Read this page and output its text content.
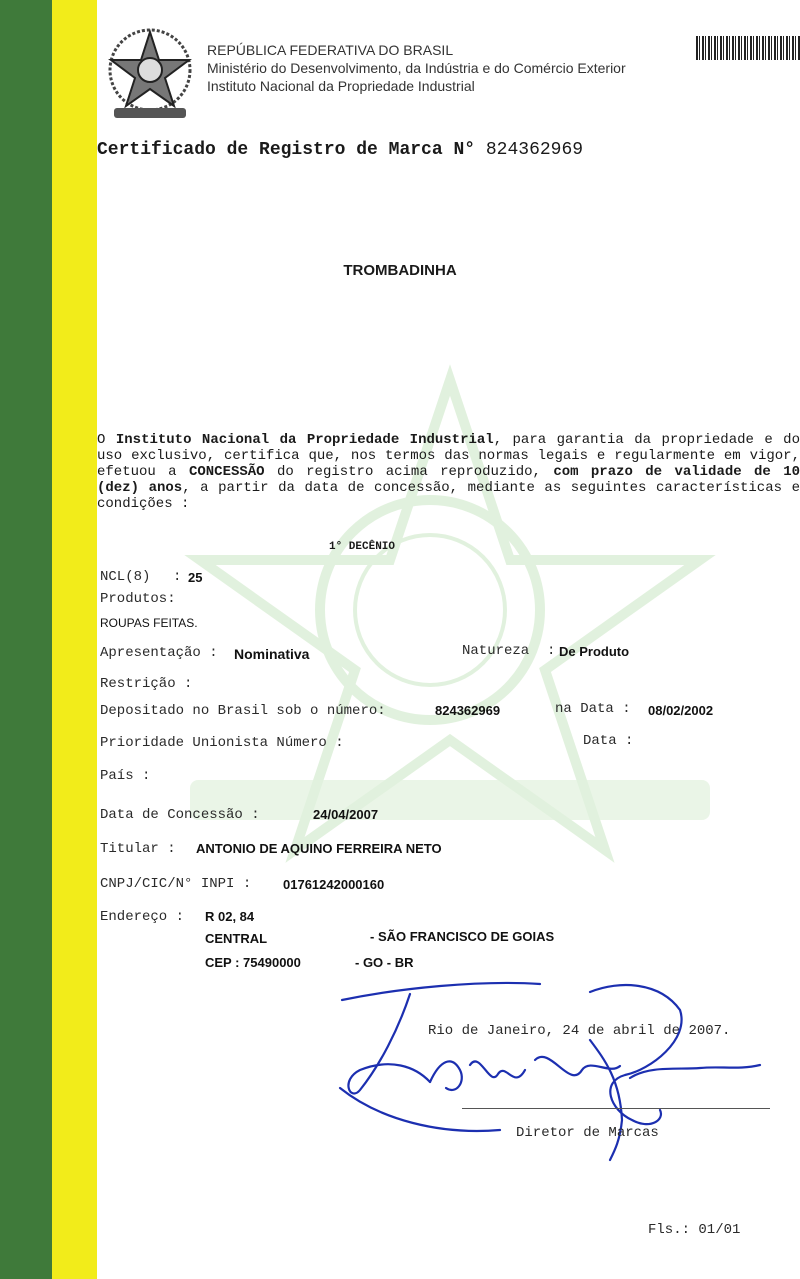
REPÚBLICA FEDERATIVA DO BRASIL
Ministério do Desenvolvimento, da Indústria e do Comércio Exterior
Instituto Nacional da Propriedade Industrial
Certificado de Registro de Marca N° 824362969
TROMBADINHA
O Instituto Nacional da Propriedade Industrial, para garantia da propriedade e do uso exclusivo, certifica que, nos termos das normas legais e regularmente em vigor, efetuou a CONCESSÃO do registro acima reproduzido, com prazo de validade de 10 (dez) anos, a partir da data de concessão, mediante as seguintes características e condições :
1° DECÊNIO
NCL(8) : 25
Produtos:
ROUPAS FEITAS.
Apresentação : Nominativa	Natureza : De Produto
Restrição :
Depositado no Brasil sob o número:	824362969	na Data : 08/02/2002
Prioridade Unionista Número :	Data :
País :
Data de Concessão :	24/04/2007
Titular : ANTONIO DE AQUINO FERREIRA NETO
CNPJ/CIC/N° INPI : 01761242000160
Endereço : R 02, 84
CENTRAL	- SÃO FRANCISCO DE GOIAS
CEP : 75490000	- GO - BR
Rio de Janeiro, 24 de abril de 2007.
Diretor de Marcas
Fls.: 01/01
